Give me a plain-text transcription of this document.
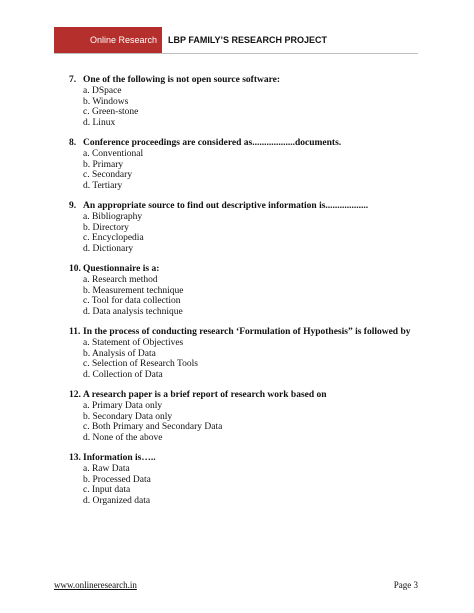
Online Research	LBP FAMILY’S RESEARCH PROJECT
7. One of the following is not open source software:
a. DSpace
b. Windows
c. Green-stone
d. Linux
8. Conference proceedings are considered as..................documents.
a. Conventional
b. Primary
c. Secondary
d. Tertiary
9. An appropriate source to find out descriptive information is..................
a. Bibliography
b. Directory
c. Encyclopedia
d. Dictionary
10. Questionnaire is a:
a. Research method
b. Measurement technique
c. Tool for data collection
d. Data analysis technique
11. In the process of conducting research ‘Formulation of Hypothesis” is followed by
a. Statement of Objectives
b. Analysis of Data
c. Selection of Research Tools
d. Collection of Data
12. A research paper is a brief report of research work based on
a. Primary Data only
b. Secondary Data only
c. Both Primary and Secondary Data
d. None of the above
13. Information is…..
a. Raw Data
b. Processed Data
c. Input data
d. Organized data
www.onlineresearch.in	Page 3
